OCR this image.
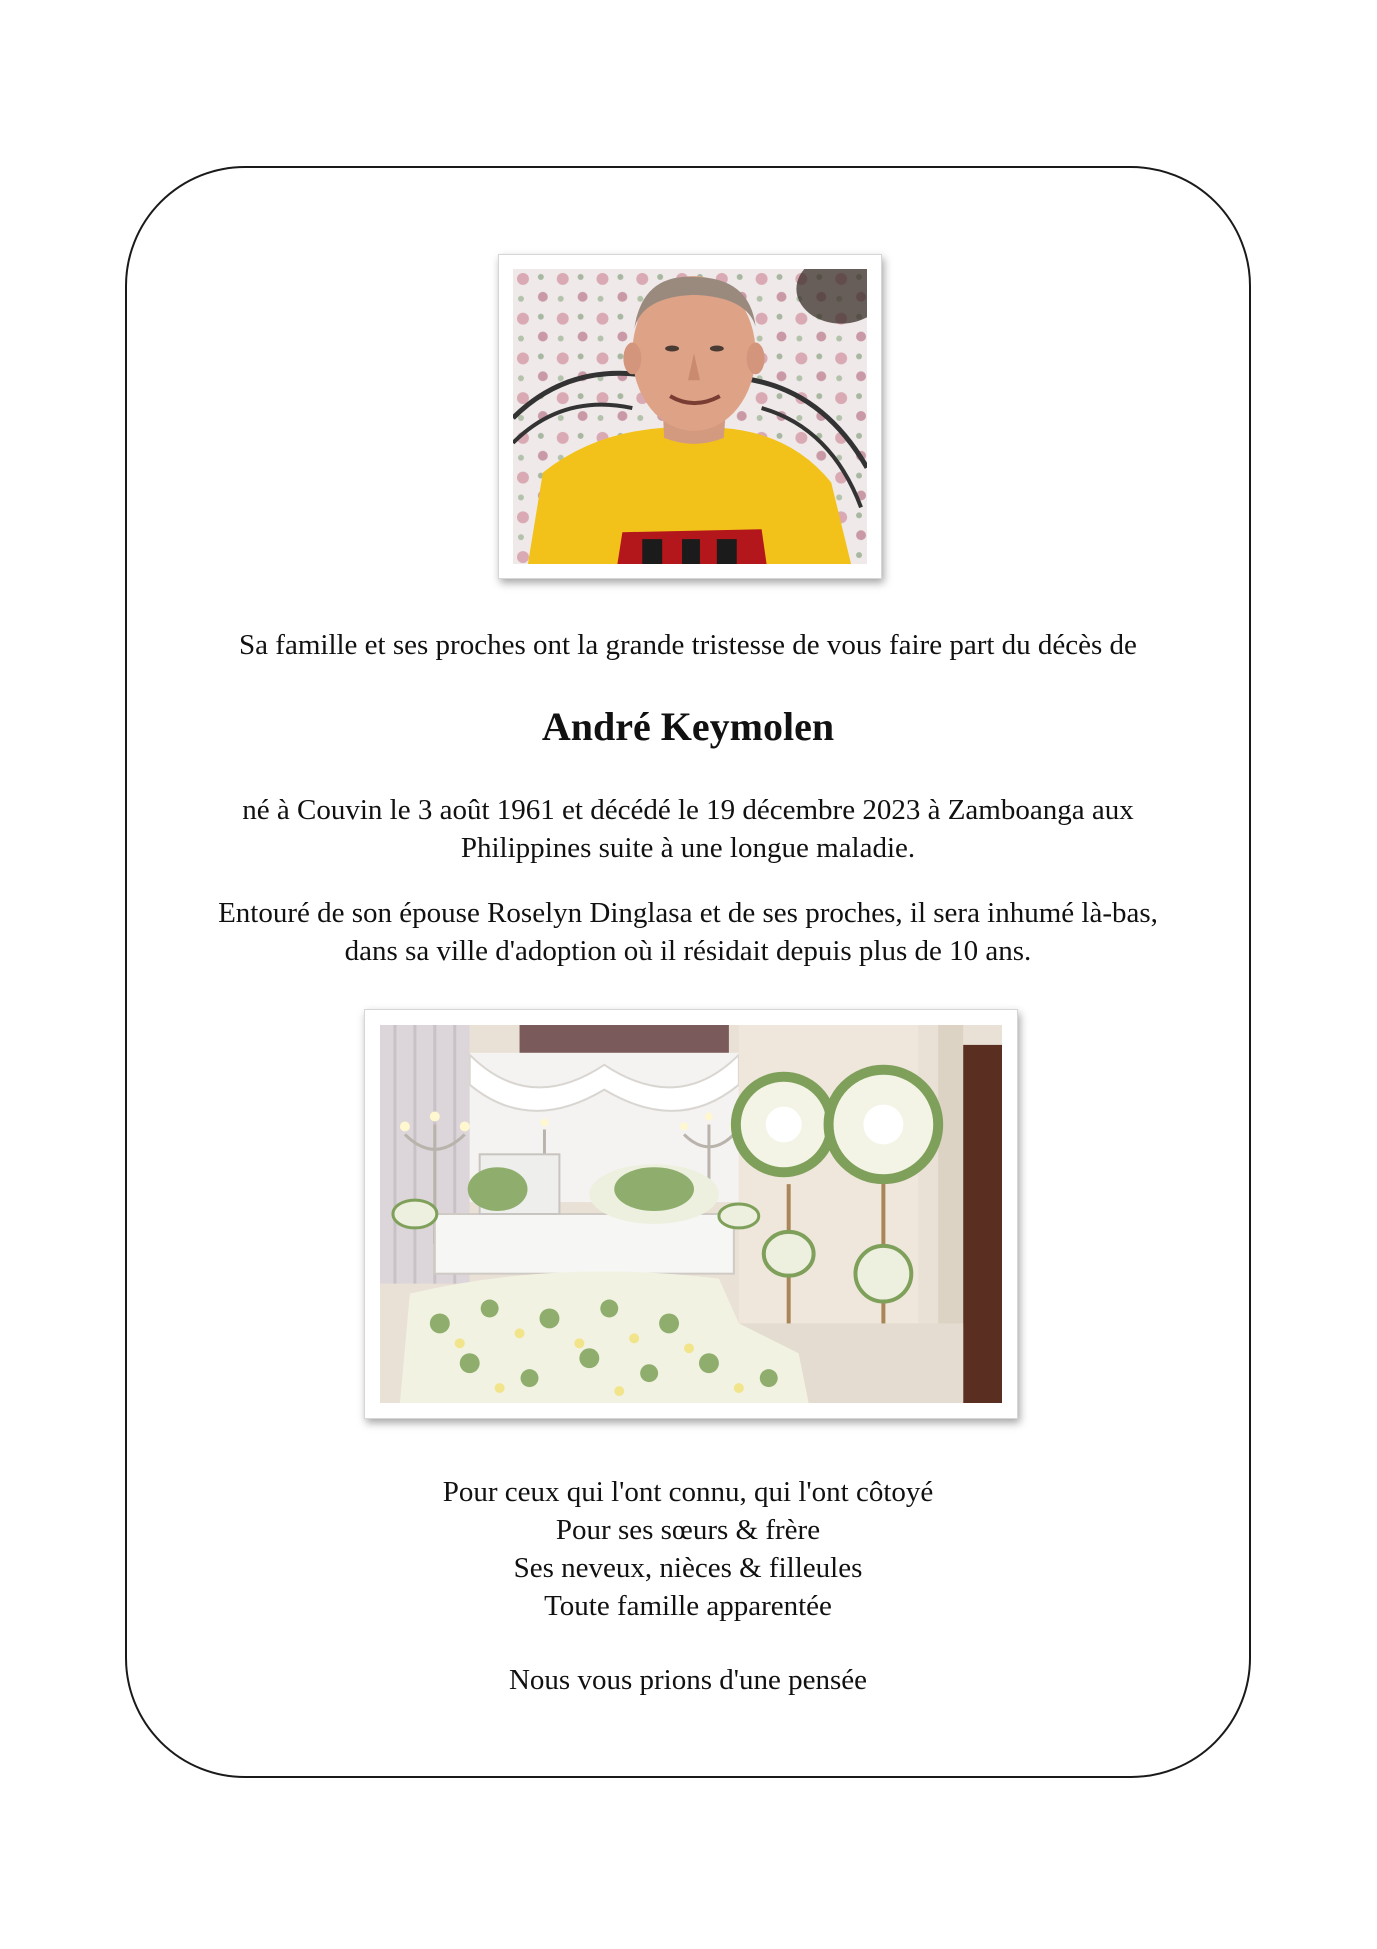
Sa famille et ses proches ont la grande tristesse de vous faire part du décès de
André Keymolen
né à Couvin le 3 août 1961 et décédé le 19 décembre 2023 à Zamboanga aux
Philippines suite à une longue maladie.
Entouré de son épouse Roselyn Dinglasa et de ses proches, il sera inhumé là-bas,
dans sa ville d'adoption où il résidait depuis plus de 10 ans.
Pour ceux qui l'ont connu, qui l'ont côtoyé
Pour ses sœurs & frère
Ses neveux, nièces & filleules
Toute famille apparentée
Nous vous prions d'une pensée
